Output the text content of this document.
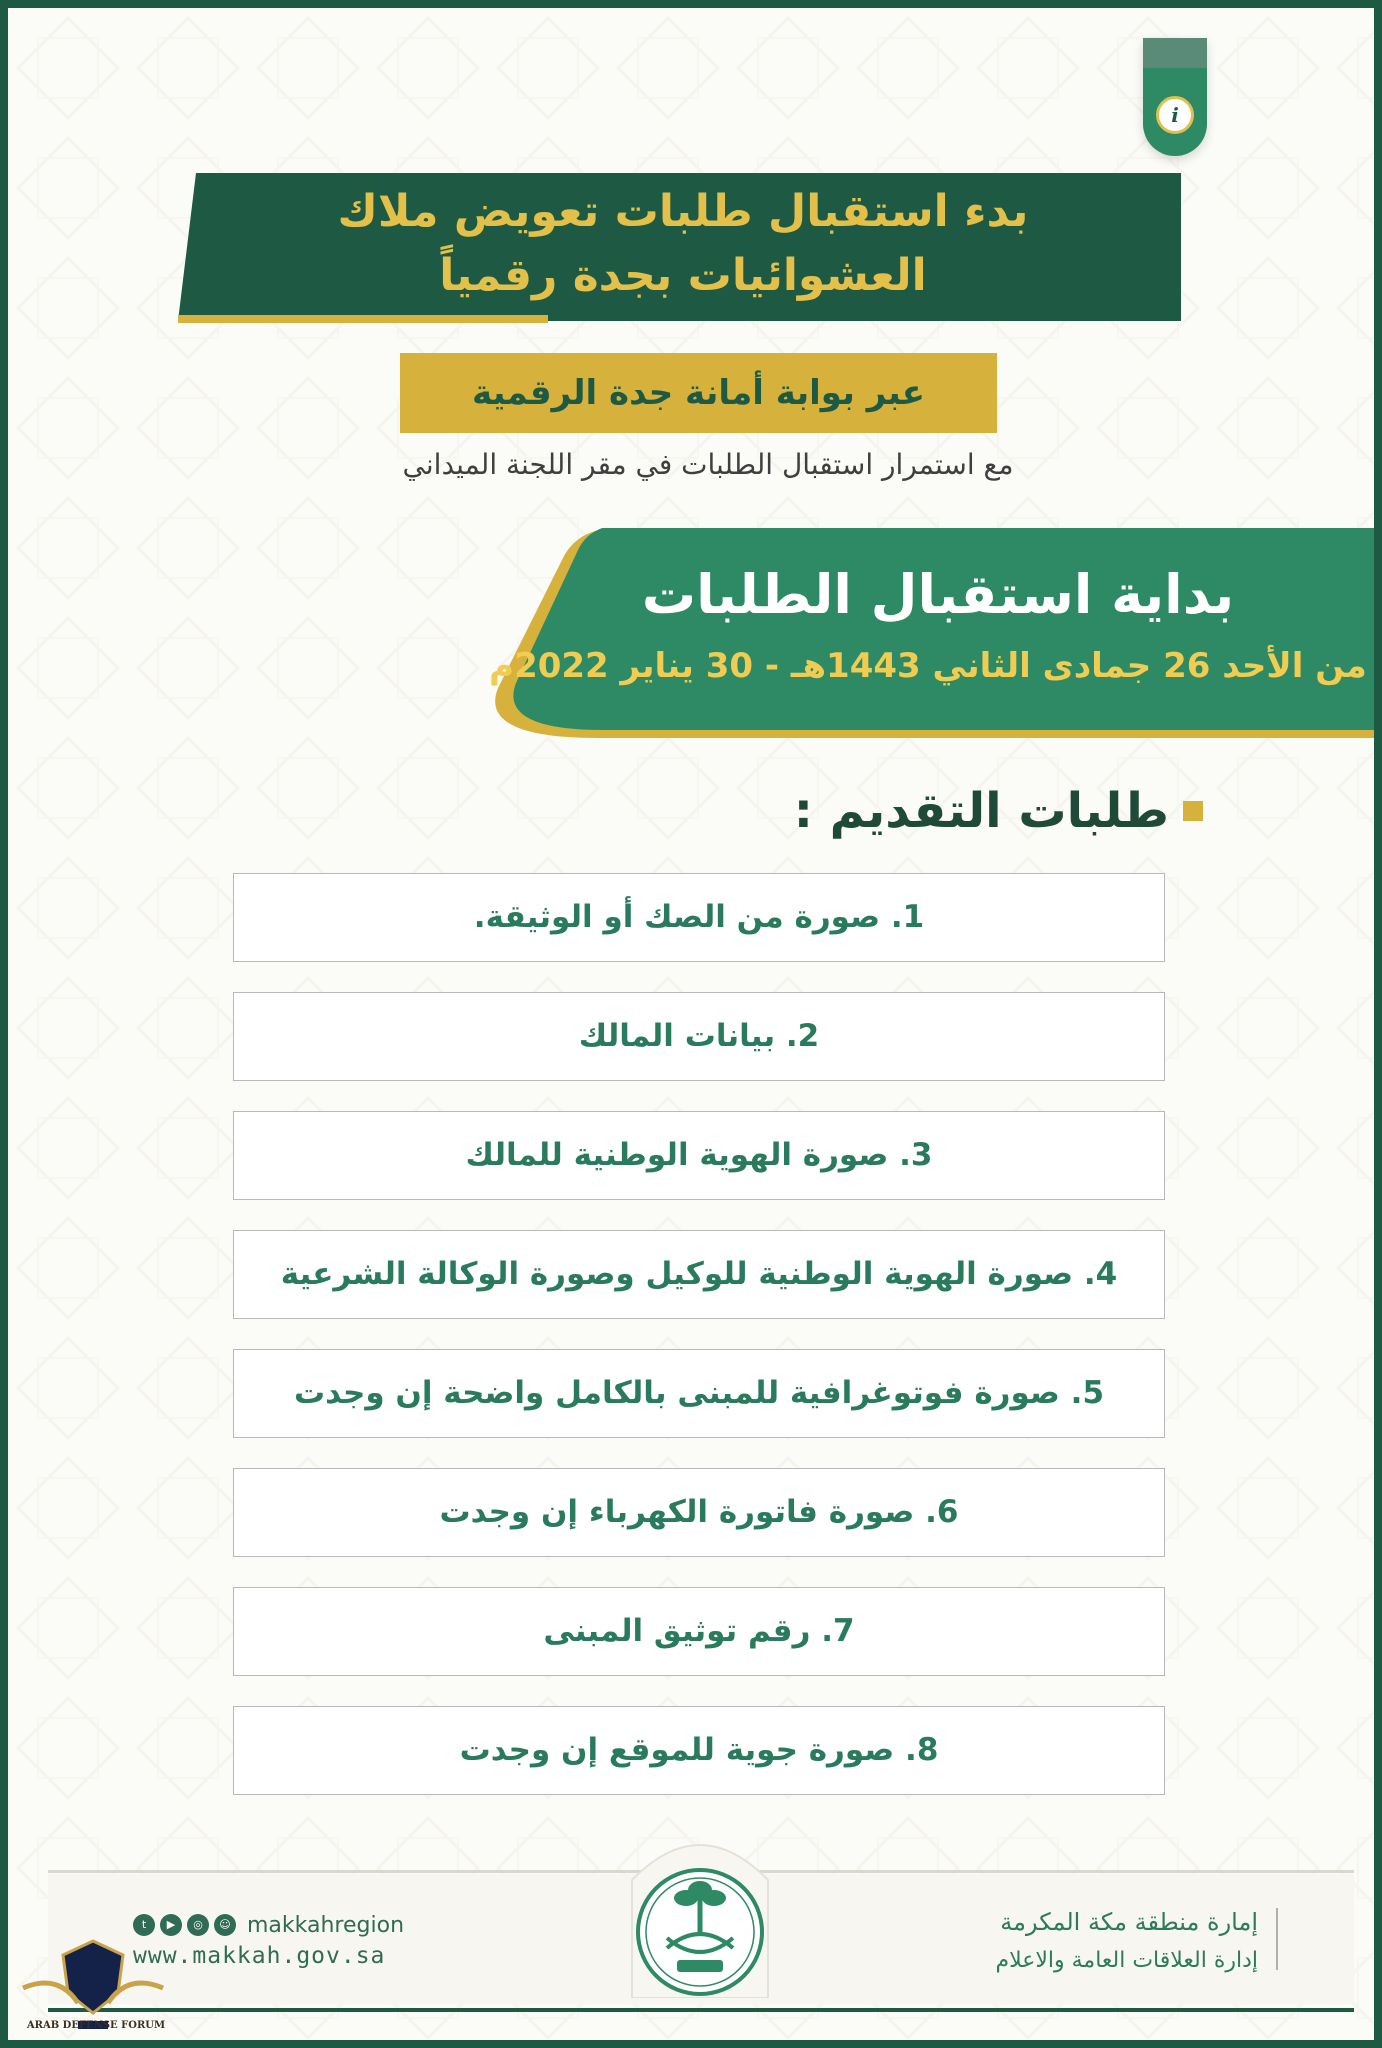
i
بدء استقبال طلبات تعويض ملاك
العشوائيات بجدة رقمياً
عبر بوابة أمانة جدة الرقمية
مع استمرار استقبال الطلبات في مقر اللجنة الميداني
بداية استقبال الطلبات
من الأحد 26 جمادى الثاني 1443هـ - 30 يناير 2022م
طلبات التقديم :
1. صورة من الصك أو الوثيقة.
2. بيانات المالك
3. صورة الهوية الوطنية للمالك
4. صورة الهوية الوطنية للوكيل وصورة الوكالة الشرعية
5. صورة فوتوغرافية للمبنى بالكامل واضحة إن وجدت
6. صورة فاتورة الكهرباء إن وجدت
7. رقم توثيق المبنى
8. صورة جوية للموقع إن وجدت
إمارة منطقة مكة المكرمة
إدارة العلاقات العامة والاعلام
t	▶	◎	☺ makkahregion
www.makkah.gov.sa
ARAB DEFENSE FORUM
